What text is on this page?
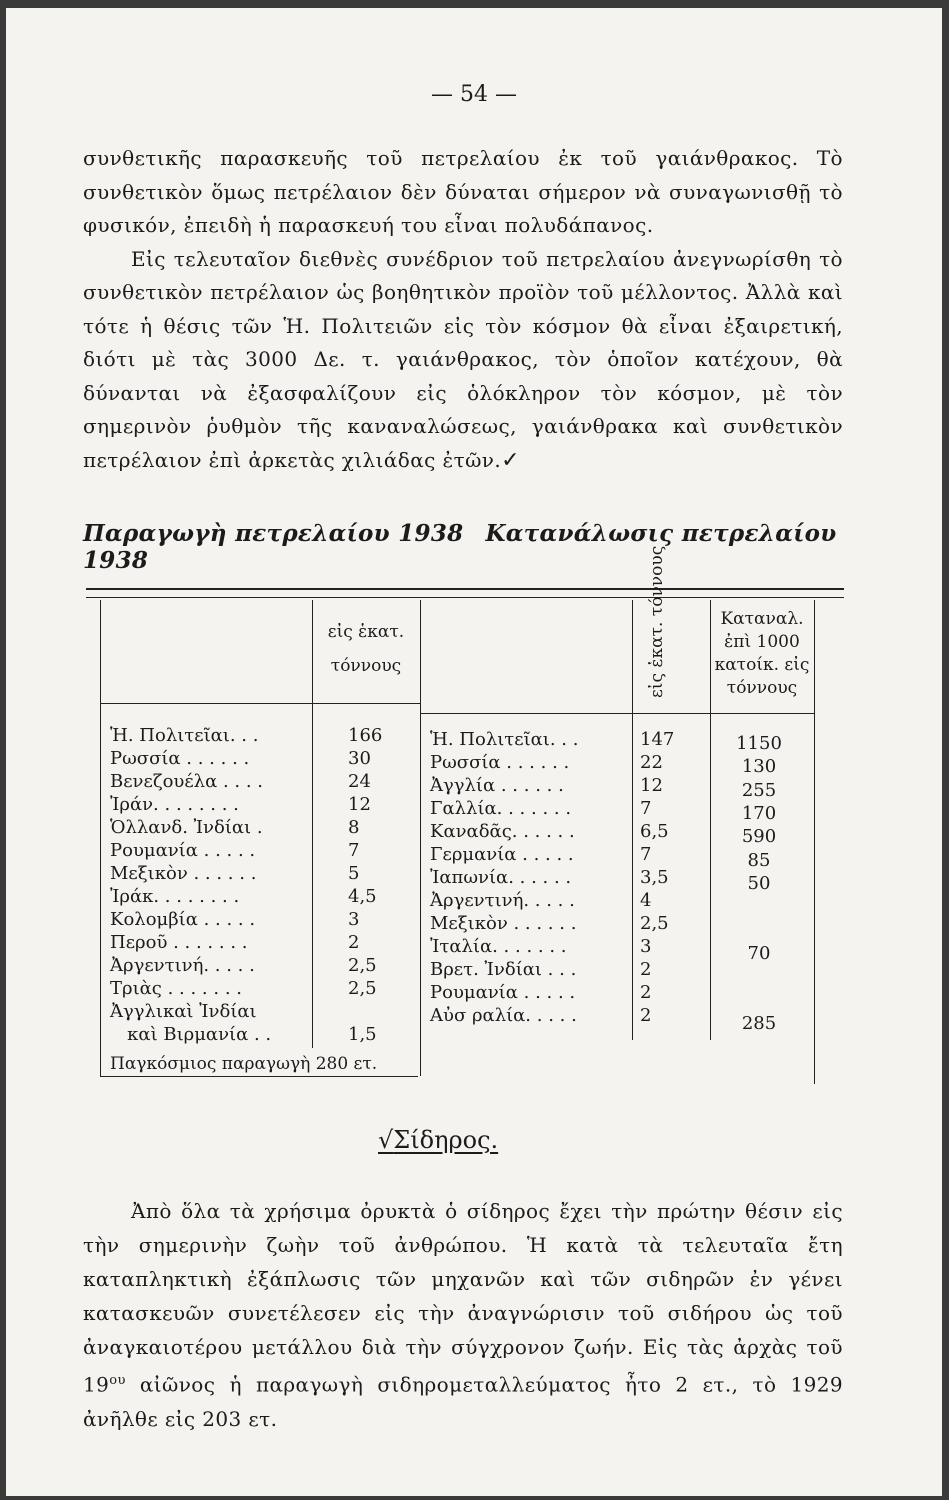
— 54 —

συνθετικῆς παρασκευῆς τοῦ πετρελαίου ἐκ τοῦ γαιάνθρακος. Τὸ συνθετικὸν ὅμως πετρέλαιον δὲν δύναται σήμερον νὰ συναγωνισθῇ τὸ φυσικόν, ἐπειδὴ ἡ παρασκευή του εἶναι πολυδάπανος.

Εἰς τελευταῖον διεθνὲς συνέδριον τοῦ πετρελαίου ἀνεγνωρίσθη τὸ συνθετικὸν πετρέλαιον ὡς βοηθητικὸν προϊὸν τοῦ μέλλοντος. Ἀλλὰ καὶ τότε ἡ θέσις τῶν Ἡ. Πολιτειῶν εἰς τὸν κόσμον θὰ εἶναι ἐξαιρετική, διότι μὲ τὰς 3000 Δε. τ. γαιάνθρακος, τὸν ὁποῖον κατέχουν, θὰ δύνανται νὰ ἐξασφαλίζουν εἰς ὁλόκληρον τὸν κόσμον, μὲ τὸν σημερινὸν ῥυθμὸν τῆς καναναλώσεως, γαιάνθρακα καὶ συνθετικὸν πετρέλαιον ἐπὶ ἀρκετὰς χιλιάδας ἐτῶν.✓

Παραγωγὴ πετρελαίου 1938 Κατανάλωσις πετρελαίου 1938
εἰς ἑκατ.
τόννους	εἰς ἑκατ. τόννους	Καταναλ.
ἐπὶ 1000
κατοίκ. εἰς
τόννους
Ἡ. Πολιτεῖαι. . .
Ρωσσία . . . . . .
Βενεζουέλα . . . .
Ἰράν. . . . . . . .
Ὁλλανδ. Ἰνδίαι .
Ρουμανία . . . . .
Μεξικὸν . . . . . .
Ἰράκ. . . . . . . .
Κολομβία . . . . .
Περοῦ . . . . . . .
Ἀργεντινή. . . . .
Τριὰς . . . . . . .
Ἀγγλικαὶ Ἰνδίαι
καὶ Βιρμανία . .
166
30
24
12
8
7
5
4,5
3
2
2,5
2,5
1,5
Ἡ. Πολιτεῖαι. . .
Ρωσσία . . . . . .
Ἀγγλία . . . . . .
Γαλλία. . . . . . .
Καναδᾶς. . . . . .
Γερμανία . . . . .
Ἰαπωνία. . . . . .
Ἀργεντινή. . . . .
Μεξικὸν . . . . . .
Ἰταλία. . . . . . .
Βρετ. Ἰνδίαι . . .
Ρουμανία . . . . .
Αὐσ ραλία. . . . .
147
22
12
7
6,5
7
3,5
4
2,5
3
2
2
2
1150
130
255
170
590
85
50
70
285
Παγκόσμιος παραγωγὴ 280 ετ.
√Σίδηρος.
Ἀπὸ ὅλα τὰ χρήσιμα ὀρυκτὰ ὁ σίδηρος ἔχει τὴν πρώτην θέσιν εἰς τὴν σημερινὴν ζωὴν τοῦ ἀνθρώπου. Ἡ κατὰ τὰ τελευταῖα ἔτη καταπληκτικὴ ἐξάπλωσις τῶν μηχανῶν καὶ τῶν σιδηρῶν ἐν γένει κατασκευῶν συνετέλεσεν εἰς τὴν ἀναγνώρισιν τοῦ σιδήρου ὡς τοῦ ἀναγκαιοτέρου μετάλλου διὰ τὴν σύγχρονον ζωήν. Εἰς τὰς ἀρχὰς τοῦ $19^{o\upsilon}$ αἰῶνος ἡ παραγωγὴ σιδηρομεταλλεύματος ἦτο 2 ετ., τὸ 1929 ἀνῆλθε εἰς 203 ετ.
